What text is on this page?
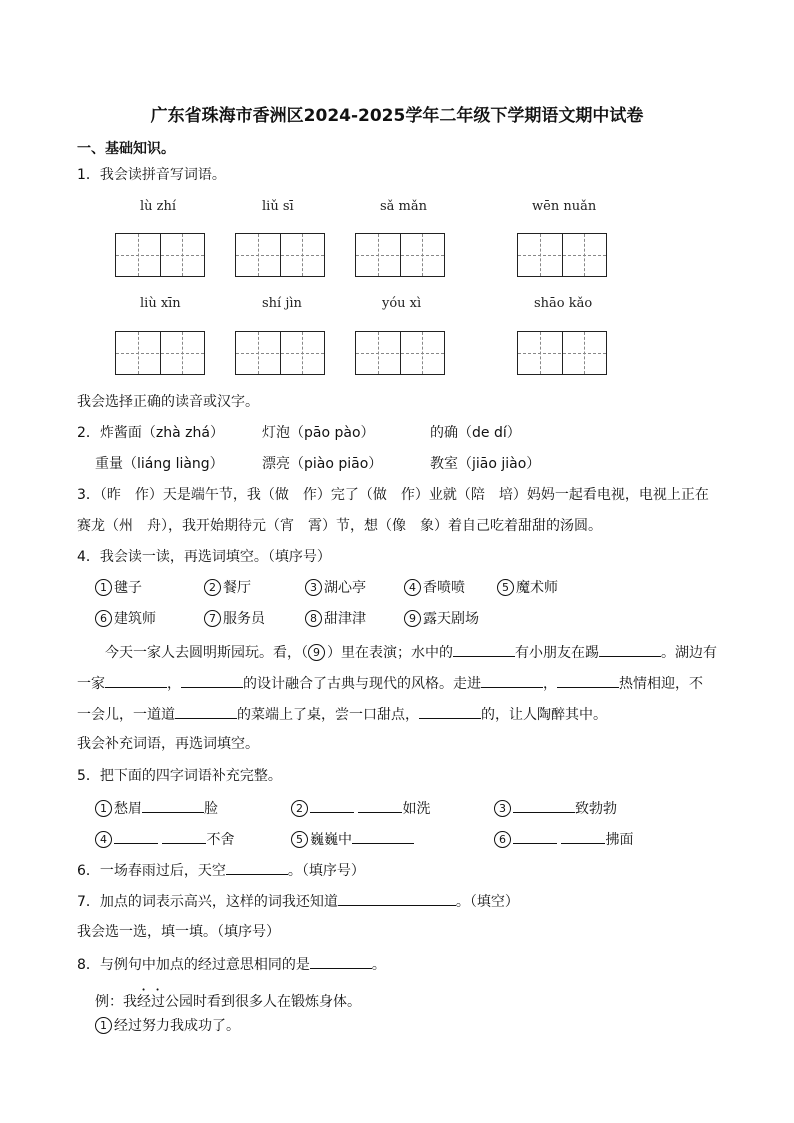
广东省珠海市香洲区2024-2025学年二年级下学期语文期中试卷
一、基础知识。
1．我会读拼音写词语。
lù zhí	liǔ sī	sǎ mǎn	wēn nuǎn
liù xīn	shí jìn	yóu xì	shāo kǎo
我会选择正确的读音或汉字。
2．炸酱面（zhà zhá）	灯泡（pāo pào）	的确（de dí）
重量（liáng liàng）	漂亮（piào piāo）	教室（jiāo jiào）
3．（昨　作）天是端午节，我（做　作）完了（做　作）业就（陪　培）妈妈一起看电视，电视上正在
赛龙（州　舟），我开始期待元（宵　霄）节，想（像　象）着自己吃着甜甜的汤圆。
4．我会读一读，再选词填空。（填序号）
1 毽子	2 餐厅	3 湖心亭	4 香喷喷	5 魔术师
6 建筑师	7 服务员	8 甜津津	9 露天剧场
今天一家人去圆明斯园玩。看，（ 9 ）里在表演；水中的	有小朋友在踢	。湖边有
一家	，	的设计融合了古典与现代的风格。走进	，	热情相迎，不
一会儿，一道道	的菜端上了桌，尝一口甜点，	的，让人陶醉其中。
我会补充词语，再选词填空。
5．把下面的四字词语补充完整。
1 愁眉	脸	2	如洗	3	致勃勃
4	不舍	5 巍巍中	6	拂面
6．一场春雨过后，天空	。（填序号）
7．加点的词表示高兴，这样的词我还知道	。（填空）
我会选一选，填一填。（填序号）
8．与例句中加点的经过意思相同的是	。
例：我经过公园时看到很多人在锻炼身体。
1 经过努力我成功了。
